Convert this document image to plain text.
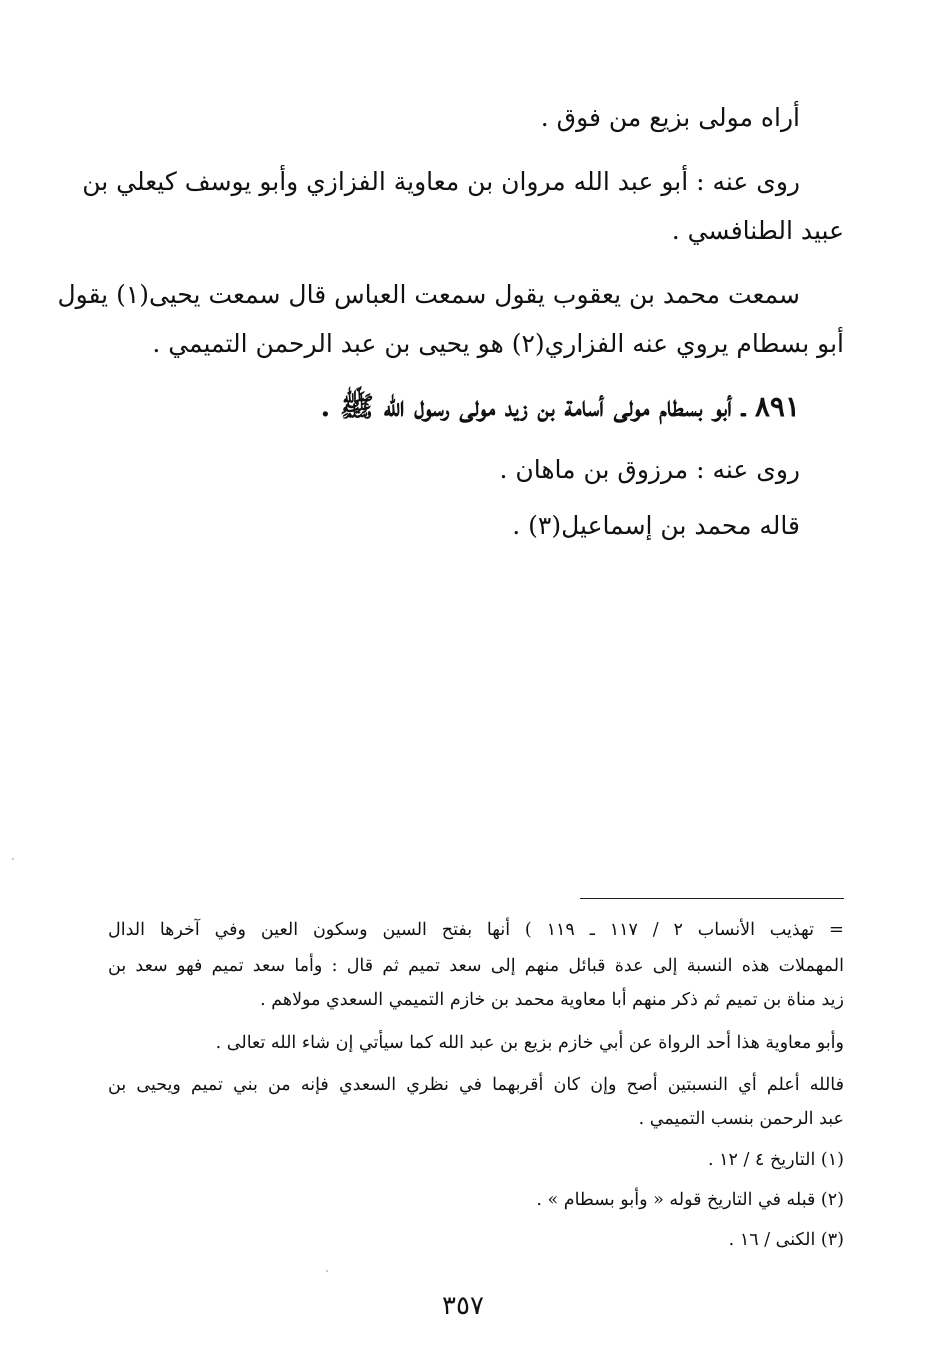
أراه مولى بزيع من فوق .
روى عنه : أبو عبد الله مروان بن معاوية الفزازي وأبو يوسف كيعلي بن
عبيد الطنافسي .
سمعت محمد بن يعقوب يقول سمعت العباس قال سمعت يحيى(١) يقول
أبو بسطام يروي عنه الفزاري(٢) هو يحيى بن عبد الرحمن التميمي .
٨٩١ ـ أبو بسطام مولى أسامة بن زيد مولى رسول الله ﷺ .
روى عنه : مرزوق بن ماهان .
قاله محمد بن إسماعيل(٣) .
=
تهذيب الأنساب ٢ / ١١٧ ـ ١١٩ ) أنها بفتح السين وسكون العين وفي آخرها الدال
المهملات هذه النسبة إلى عدة قبائل منهم إلى سعد تميم ثم قال : وأما سعد تميم فهو سعد بن
زيد مناة بن تميم ثم ذكر منهم أبا معاوية محمد بن خازم التميمي السعدي مولاهم .
وأبو معاوية هذا أحد الرواة عن أبي خازم بزيع بن عبد الله كما سيأتي إن شاء الله تعالى .
فالله أعلم أي النسبتين أصح وإن كان أقربهما في نظري السعدي فإنه من بني تميم ويحيى بن
عبد الرحمن بنسب التميمي .
(١) التاريخ ٤ / ١٢ .
(٢) قبله في التاريخ قوله « وأبو بسطام » .
(٣) الكنى / ١٦ .
٣٥٧
